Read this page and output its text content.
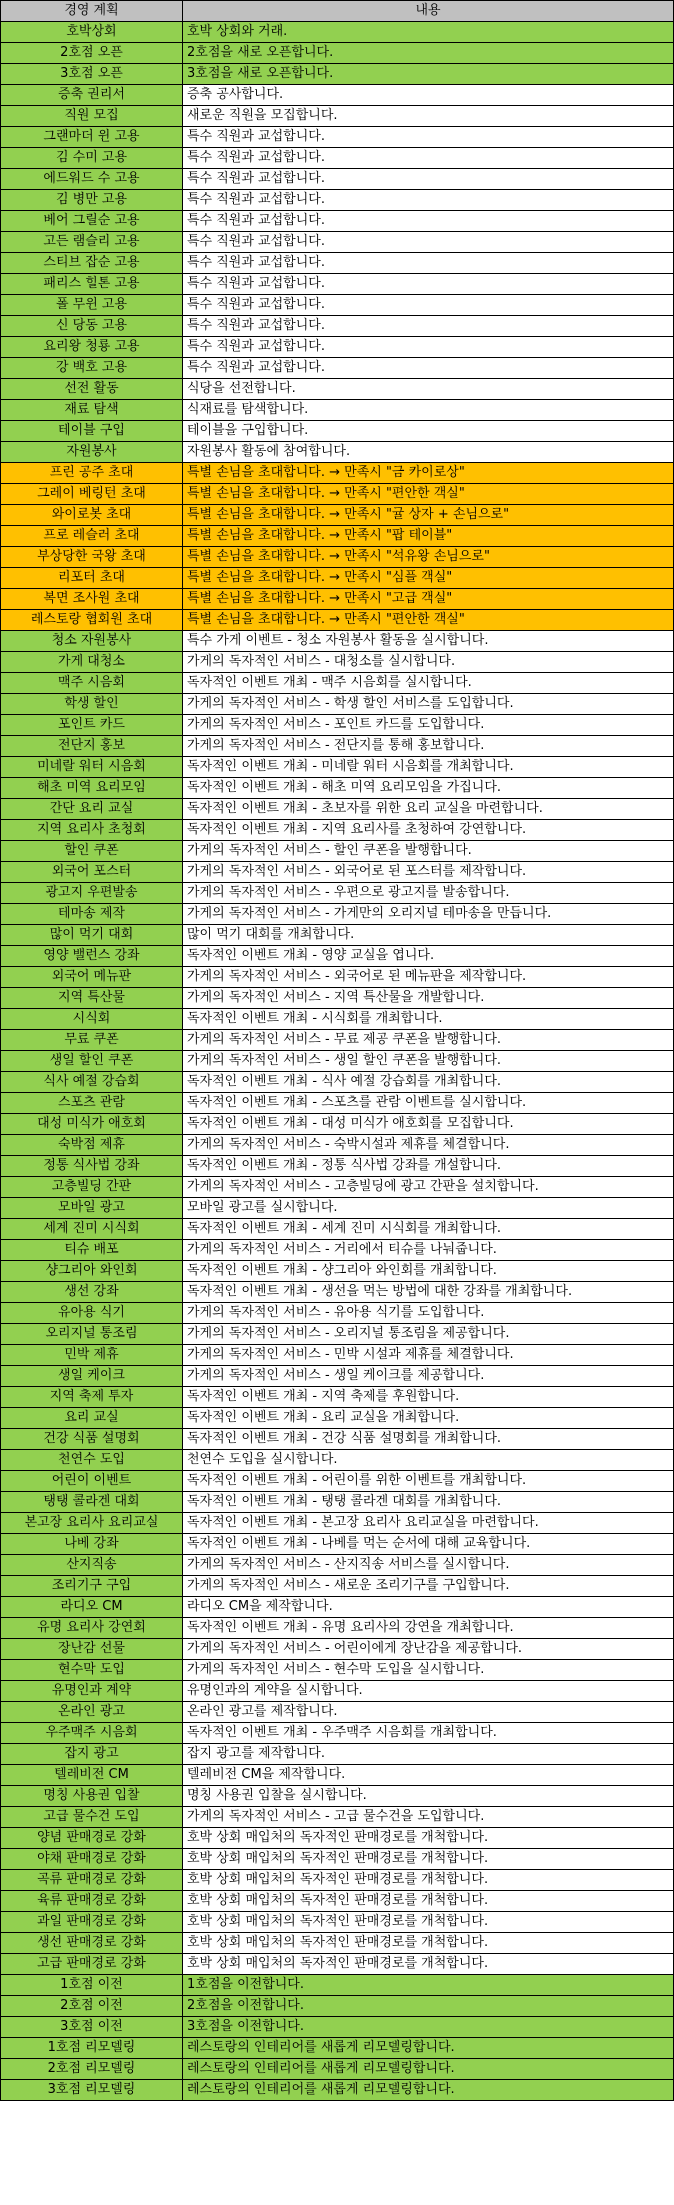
경영 계획	내용
호박상회	호박 상회와 거래.
2호점 오픈	2호점을 새로 오픈합니다.
3호점 오픈	3호점을 새로 오픈합니다.
증축 권리서	증축 공사합니다.
직원 모집	새로운 직원을 모집합니다.
그랜마더 윈 고용	특수 직원과 교섭합니다.
김 수미 고용	특수 직원과 교섭합니다.
에드워드 수 고용	특수 직원과 교섭합니다.
김 병만 고용	특수 직원과 교섭합니다.
베어 그릴순 고용	특수 직원과 교섭합니다.
고든 램슬리 고용	특수 직원과 교섭합니다.
스티브 잡순 고용	특수 직원과 교섭합니다.
패리스 힐톤 고용	특수 직원과 교섭합니다.
폴 무윈 고용	특수 직원과 교섭합니다.
신 당동 고용	특수 직원과 교섭합니다.
요리왕 청룡 고용	특수 직원과 교섭합니다.
강 백호 고용	특수 직원과 교섭합니다.
선전 활동	식당을 선전합니다.
재료 탐색	식재료를 탐색합니다.
테이블 구입	테이블을 구입합니다.
자원봉사	자원봉사 활동에 참여합니다.
프린 공주 초대	특별 손님을 초대합니다. → 만족시 "금 카이로상"
그레이 베링턴 초대	특별 손님을 초대합니다. → 만족시 "편안한 객실"
와이로봇 초대	특별 손님을 초대합니다. → 만족시 "귤 상자 + 손님으로"
프로 레슬러 초대	특별 손님을 초대합니다. → 만족시 "팝 테이블"
부상당한 국왕 초대	특별 손님을 초대합니다. → 만족시 "석유왕 손님으로"
리포터 초대	특별 손님을 초대합니다. → 만족시 "심플 객실"
복면 조사원 초대	특별 손님을 초대합니다. → 만족시 "고급 객실"
레스토랑 협회원 초대	특별 손님을 초대합니다. → 만족시 "편안한 객실"
청소 자원봉사	특수 가게 이벤트 - 청소 자원봉사 활동을 실시합니다.
가게 대청소	가게의 독자적인 서비스 - 대청소를 실시합니다.
맥주 시음회	독자적인 이벤트 개최 - 맥주 시음회를 실시합니다.
학생 할인	가게의 독자적인 서비스 - 학생 할인 서비스를 도입합니다.
포인트 카드	가게의 독자적인 서비스 - 포인트 카드를 도입합니다.
전단지 홍보	가게의 독자적인 서비스 - 전단지를 통해 홍보합니다.
미네랄 워터 시음회	독자적인 이벤트 개최 - 미네랄 워터 시음회를 개최합니다.
해초 미역 요리모임	독자적인 이벤트 개최 - 해초 미역 요리모임을 가집니다.
간단 요리 교실	독자적인 이벤트 개최 - 초보자를 위한 요리 교실을 마련합니다.
지역 요리사 초청회	독자적인 이벤트 개최 - 지역 요리사를 초청하여 강연합니다.
할인 쿠폰	가게의 독자적인 서비스 - 할인 쿠폰을 발행합니다.
외국어 포스터	가게의 독자적인 서비스 - 외국어로 된 포스터를 제작합니다.
광고지 우편발송	가게의 독자적인 서비스 - 우편으로 광고지를 발송합니다.
테마송 제작	가게의 독자적인 서비스 - 가게만의 오리지널 테마송을 만듭니다.
많이 먹기 대회	많이 먹기 대회를 개최합니다.
영양 밸런스 강좌	독자적인 이벤트 개최 - 영양 교실을 엽니다.
외국어 메뉴판	가게의 독자적인 서비스 - 외국어로 된 메뉴판을 제작합니다.
지역 특산물	가게의 독자적인 서비스 - 지역 특산물을 개발합니다.
시식회	독자적인 이벤트 개최 - 시식회를 개최합니다.
무료 쿠폰	가게의 독자적인 서비스 - 무료 제공 쿠폰을 발행합니다.
생일 할인 쿠폰	가게의 독자적인 서비스 - 생일 할인 쿠폰을 발행합니다.
식사 예절 강습회	독자적인 이벤트 개최 - 식사 예절 강습회를 개최합니다.
스포츠 관람	독자적인 이벤트 개최 - 스포츠를 관람 이벤트를 실시합니다.
대성 미식가 애호회	독자적인 이벤트 개최 - 대성 미식가 애호회를 모집합니다.
숙박점 제휴	가게의 독자적인 서비스 - 숙박시설과 제휴를 체결합니다.
정통 식사법 강좌	독자적인 이벤트 개최 - 정통 식사법 강좌를 개설합니다.
고층빌딩 간판	가게의 독자적인 서비스 - 고층빌딩에 광고 간판을 설치합니다.
모바일 광고	모바일 광고를 실시합니다.
세계 진미 시식회	독자적인 이벤트 개최 - 세계 진미 시식회를 개최합니다.
티슈 배포	가게의 독자적인 서비스 - 거리에서 티슈를 나눠줍니다.
샹그리아 와인회	독자적인 이벤트 개최 - 샹그리아 와인회를 개최합니다.
생선 강좌	독자적인 이벤트 개최 - 생선을 먹는 방법에 대한 강좌를 개최합니다.
유아용 식기	가게의 독자적인 서비스 - 유아용 식기를 도입합니다.
오리지널 통조림	가게의 독자적인 서비스 - 오리지널 통조림을 제공합니다.
민박 제휴	가게의 독자적인 서비스 - 민박 시설과 제휴를 체결합니다.
생일 케이크	가게의 독자적인 서비스 - 생일 케이크를 제공합니다.
지역 축제 투자	독자적인 이벤트 개최 - 지역 축제를 후원합니다.
요리 교실	독자적인 이벤트 개최 - 요리 교실을 개최합니다.
건강 식품 설명회	독자적인 이벤트 개최 - 건강 식품 설명회를 개최합니다.
천연수 도입	천연수 도입을 실시합니다.
어린이 이벤트	독자적인 이벤트 개최 - 어린이를 위한 이벤트를 개최합니다.
탱탱 콜라겐 대회	독자적인 이벤트 개최 - 탱탱 콜라겐 대회를 개최합니다.
본고장 요리사 요리교실	독자적인 이벤트 개최 - 본고장 요리사 요리교실을 마련합니다.
나베 강좌	독자적인 이벤트 개최 - 나베를 먹는 순서에 대해 교육합니다.
산지직송	가게의 독자적인 서비스 - 산지직송 서비스를 실시합니다.
조리기구 구입	가게의 독자적인 서비스 - 새로운 조리기구를 구입합니다.
라디오 CM	라디오 CM을 제작합니다.
유명 요리사 강연회	독자적인 이벤트 개최 - 유명 요리사의 강연을 개최합니다.
장난감 선물	가게의 독자적인 서비스 - 어린이에게 장난감을 제공합니다.
현수막 도입	가게의 독자적인 서비스 - 현수막 도입을 실시합니다.
유명인과 계약	유명인과의 계약을 실시합니다.
온라인 광고	온라인 광고를 제작합니다.
우주맥주 시음회	독자적인 이벤트 개최 - 우주맥주 시음회를 개최합니다.
잡지 광고	잡지 광고를 제작합니다.
텔레비전 CM	텔레비전 CM을 제작합니다.
명칭 사용권 입찰	명칭 사용권 입찰을 실시합니다.
고급 물수건 도입	가게의 독자적인 서비스 - 고급 물수건을 도입합니다.
양념 판매경로 강화	호박 상회 매입처의 독자적인 판매경로를 개척합니다.
야채 판매경로 강화	호박 상회 매입처의 독자적인 판매경로를 개척합니다.
곡류 판매경로 강화	호박 상회 매입처의 독자적인 판매경로를 개척합니다.
육류 판매경로 강화	호박 상회 매입처의 독자적인 판매경로를 개척합니다.
과일 판매경로 강화	호박 상회 매입처의 독자적인 판매경로를 개척합니다.
생선 판매경로 강화	호박 상회 매입처의 독자적인 판매경로를 개척합니다.
고급 판매경로 강화	호박 상회 매입처의 독자적인 판매경로를 개척합니다.
1호점 이전	1호점을 이전합니다.
2호점 이전	2호점을 이전합니다.
3호점 이전	3호점을 이전합니다.
1호점 리모델링	레스토랑의 인테리어를 새롭게 리모델링합니다.
2호점 리모델링	레스토랑의 인테리어를 새롭게 리모델링합니다.
3호점 리모델링	레스토랑의 인테리어를 새롭게 리모델링합니다.
